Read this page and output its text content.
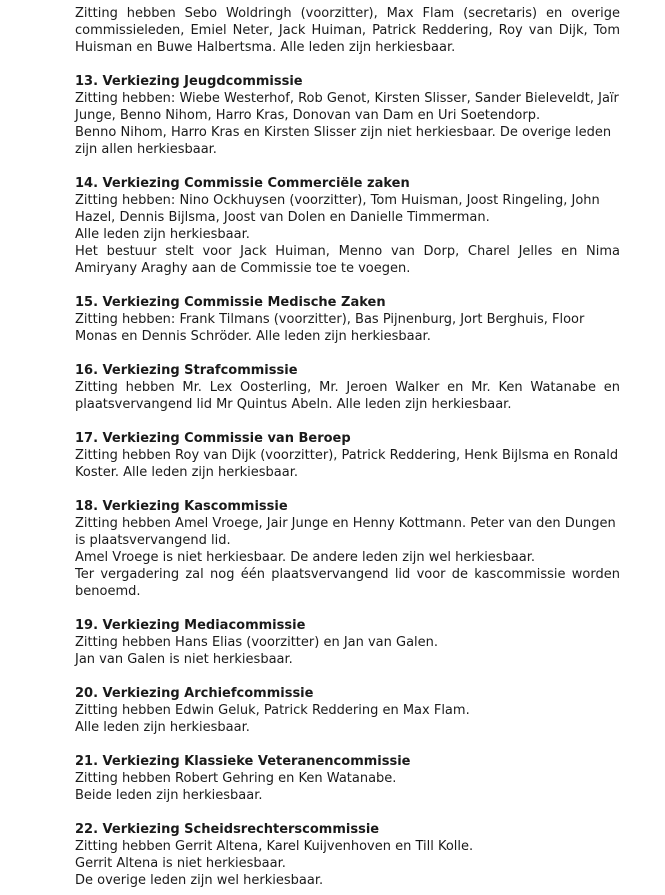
Zitting hebben Sebo Woldringh (voorzitter), Max Flam (secretaris) en overige commissieleden, Emiel Neter, Jack Huiman, Patrick Reddering, Roy van Dijk, Tom Huisman en Buwe Halbertsma. Alle leden zijn herkiesbaar.
13. Verkiezing Jeugdcommissie
Zitting hebben: Wiebe Westerhof, Rob Genot, Kirsten Slisser, Sander Bieleveldt, Jaïr Junge, Benno Nihom, Harro Kras, Donovan van Dam en Uri Soetendorp.
Benno Nihom, Harro Kras en Kirsten Slisser zijn niet herkiesbaar. De overige leden zijn allen herkiesbaar.
14. Verkiezing Commissie Commerciële zaken
Zitting hebben: Nino Ockhuysen (voorzitter), Tom Huisman, Joost Ringeling, John Hazel, Dennis Bijlsma, Joost van Dolen en Danielle Timmerman.
Alle leden zijn herkiesbaar.
Het bestuur stelt voor Jack Huiman, Menno van Dorp, Charel Jelles en Nima Amiryany Araghy aan de Commissie toe te voegen.
15. Verkiezing Commissie Medische Zaken
Zitting hebben: Frank Tilmans (voorzitter), Bas Pijnenburg, Jort Berghuis, Floor Monas en Dennis Schröder. Alle leden zijn herkiesbaar.
16. Verkiezing Strafcommissie
Zitting hebben Mr. Lex Oosterling, Mr. Jeroen Walker en Mr. Ken Watanabe en plaatsvervangend lid Mr Quintus Abeln. Alle leden zijn herkiesbaar.
17. Verkiezing Commissie van Beroep
Zitting hebben Roy van Dijk (voorzitter), Patrick Reddering, Henk Bijlsma en Ronald Koster. Alle leden zijn herkiesbaar.
18. Verkiezing Kascommissie
Zitting hebben Amel Vroege, Jair Junge en Henny Kottmann. Peter van den Dungen is plaatsvervangend lid.
Amel Vroege is niet herkiesbaar. De andere leden zijn wel herkiesbaar.
Ter vergadering zal nog één plaatsvervangend lid voor de kascommissie worden benoemd.
19. Verkiezing Mediacommissie
Zitting hebben Hans Elias (voorzitter) en Jan van Galen.
Jan van Galen is niet herkiesbaar.
20. Verkiezing Archiefcommissie
Zitting hebben Edwin Geluk, Patrick Reddering en Max Flam.
Alle leden zijn herkiesbaar.
21. Verkiezing Klassieke Veteranencommissie
Zitting hebben Robert Gehring en Ken Watanabe.
Beide leden zijn herkiesbaar.
22. Verkiezing Scheidsrechterscommissie
Zitting hebben Gerrit Altena, Karel Kuijvenhoven en Till Kolle.
Gerrit Altena is niet herkiesbaar.
De overige leden zijn wel herkiesbaar.
